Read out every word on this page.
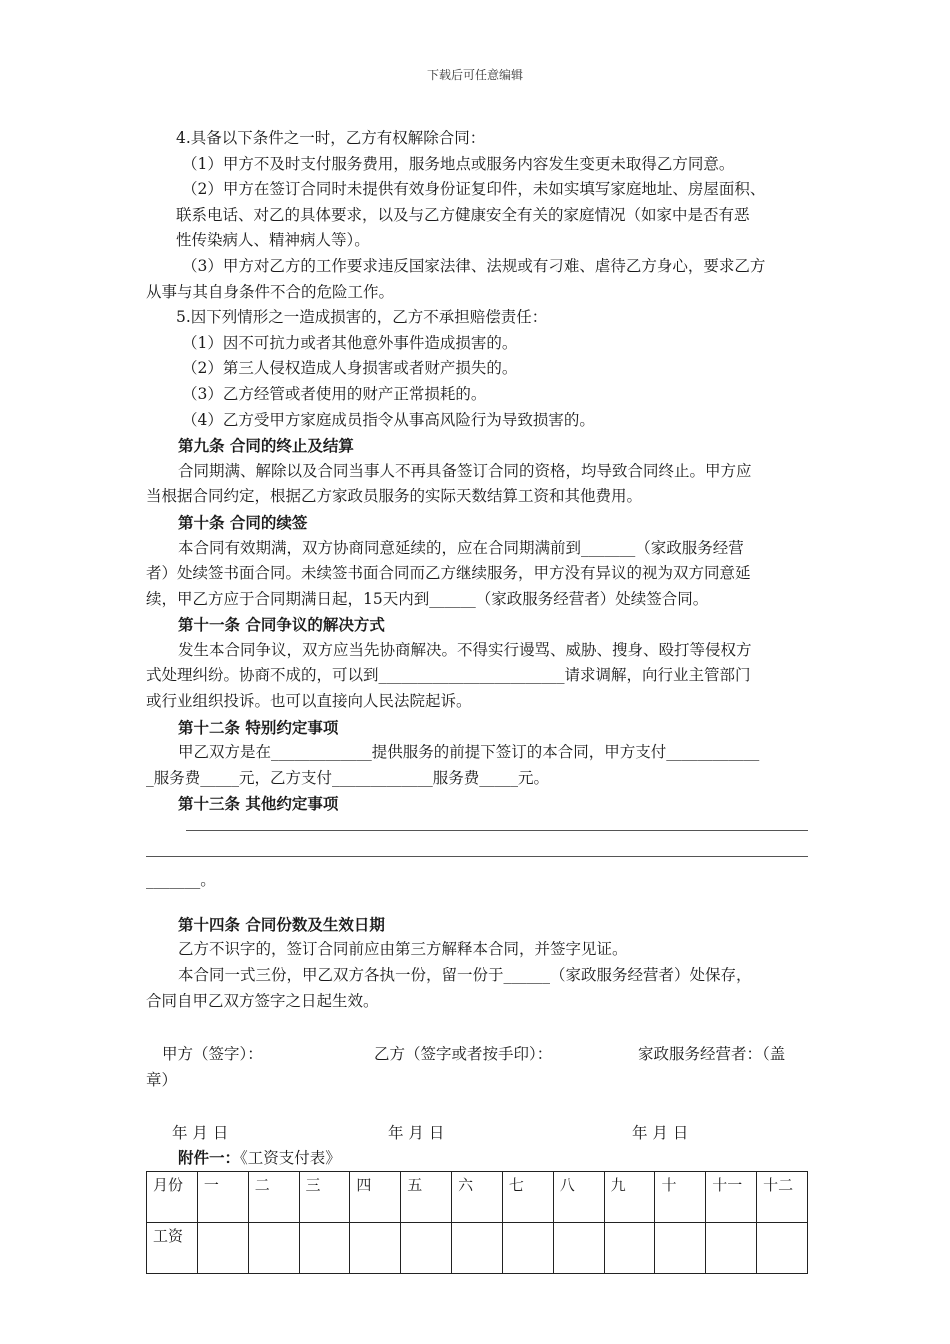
下载后可任意编辑
4.具备以下条件之一时，乙方有权解除合同：
（1）甲方不及时支付服务费用，服务地点或服务内容发生变更未取得乙方同意。
（2）甲方在签订合同时未提供有效身份证复印件，未如实填写家庭地址、房屋面积、
联系电话、对乙的具体要求，以及与乙方健康安全有关的家庭情况（如家中是否有恶
性传染病人、精神病人等）。
（3）甲方对乙方的工作要求违反国家法律、法规或有刁难、虐待乙方身心，要求乙方
从事与其自身条件不合的危险工作。
5.因下列情形之一造成损害的，乙方不承担赔偿责任：
（1）因不可抗力或者其他意外事件造成损害的。
（2）第三人侵权造成人身损害或者财产损失的。
（3）乙方经管或者使用的财产正常损耗的。
（4）乙方受甲方家庭成员指令从事高风险行为导致损害的。
第九条 合同的终止及结算
合同期满、解除以及合同当事人不再具备签订合同的资格，均导致合同终止。甲方应
当根据合同约定，根据乙方家政员服务的实际天数结算工资和其他费用。
第十条 合同的续签
本合同有效期满，双方协商同意延续的，应在合同期满前到_______（家政服务经营
者）处续签书面合同。未续签书面合同而乙方继续服务，甲方没有异议的视为双方同意延
续，甲乙方应于合同期满日起，15天内到______（家政服务经营者）处续签合同。
第十一条 合同争议的解决方式
发生本合同争议，双方应当先协商解决。不得实行谩骂、威胁、搜身、殴打等侵权方
式处理纠纷。协商不成的，可以到________________________请求调解，向行业主管部门
或行业组织投诉。也可以直接向人民法院起诉。
第十二条 特别约定事项
甲乙双方是在_____________提供服务的前提下签订的本合同，甲方支付____________
_服务费_____元，乙方支付_____________服务费_____元。
第十三条 其他约定事项
_______。
第十四条 合同份数及生效日期
乙方不识字的，签订合同前应由第三方解释本合同，并签字见证。
本合同一式三份，甲乙双方各执一份，留一份于______（家政服务经营者）处保存，
合同自甲乙双方签字之日起生效。
甲方（签字）：	乙方（签字或者按手印）：	家政服务经营者：（盖
章）
年 月 日	年 月 日	年 月 日
附件一：《工资支付表》
月份	一	二	三	四	五	六	七	八	九	十	十一	十二
工资												
